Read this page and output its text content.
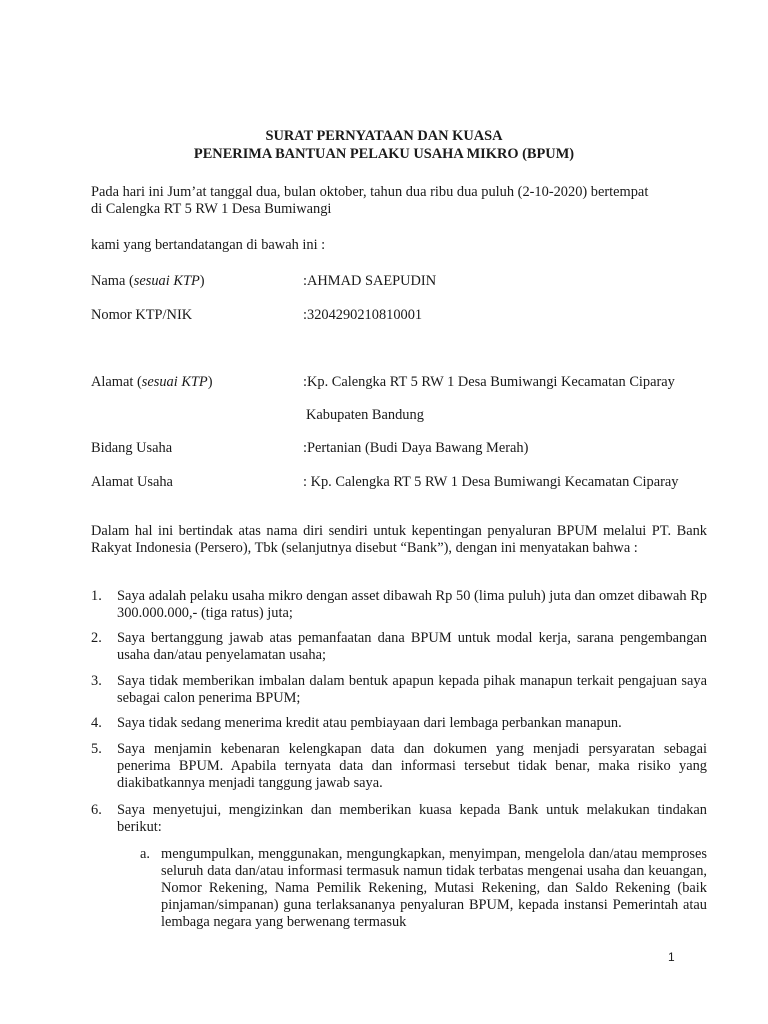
SURAT PERNYATAAN DAN KUASA
PENERIMA BANTUAN PELAKU USAHA MIKRO (BPUM)
Pada hari ini Jum’at tanggal dua, bulan oktober, tahun dua ribu dua puluh (2-10-2020) bertempat
di Calengka RT 5 RW 1 Desa Bumiwangi
kami yang bertandatangan di bawah ini :
Nama (sesuai KTP)	:AHMAD SAEPUDIN
Nomor KTP/NIK	:3204290210810001
Alamat (sesuai KTP)	:Kp. Calengka RT 5 RW 1 Desa Bumiwangi Kecamatan Ciparay
Kabupaten Bandung
Bidang Usaha	:Pertanian (Budi Daya Bawang Merah)
Alamat Usaha	: Kp. Calengka RT 5 RW 1 Desa Bumiwangi Kecamatan Ciparay
Dalam hal ini bertindak atas nama diri sendiri untuk kepentingan penyaluran BPUM melalui PT. Bank Rakyat Indonesia (Persero), Tbk (selanjutnya disebut “Bank”), dengan ini menyatakan bahwa :
1. Saya adalah pelaku usaha mikro dengan asset dibawah Rp 50 (lima puluh) juta dan omzet dibawah Rp 300.000.000,- (tiga ratus) juta;
2. Saya bertanggung jawab atas pemanfaatan dana BPUM untuk modal kerja, sarana pengembangan usaha dan/atau penyelamatan usaha;
3. Saya tidak memberikan imbalan dalam bentuk apapun kepada pihak manapun terkait pengajuan saya sebagai calon penerima BPUM;
4. Saya tidak sedang menerima kredit atau pembiayaan dari lembaga perbankan manapun.
5. Saya menjamin kebenaran kelengkapan data dan dokumen yang menjadi persyaratan sebagai penerima BPUM. Apabila ternyata data dan informasi tersebut tidak benar, maka risiko yang diakibatkannya menjadi tanggung jawab saya.
6. Saya menyetujui, mengizinkan dan memberikan kuasa kepada Bank untuk melakukan tindakan berikut:
a. mengumpulkan, menggunakan, mengungkapkan, menyimpan, mengelola dan/atau memproses seluruh data dan/atau informasi termasuk namun tidak terbatas mengenai usaha dan keuangan, Nomor Rekening, Nama Pemilik Rekening, Mutasi Rekening, dan Saldo Rekening (baik pinjaman/simpanan) guna terlaksananya penyaluran BPUM, kepada instansi Pemerintah atau lembaga negara yang berwenang termasuk
1
